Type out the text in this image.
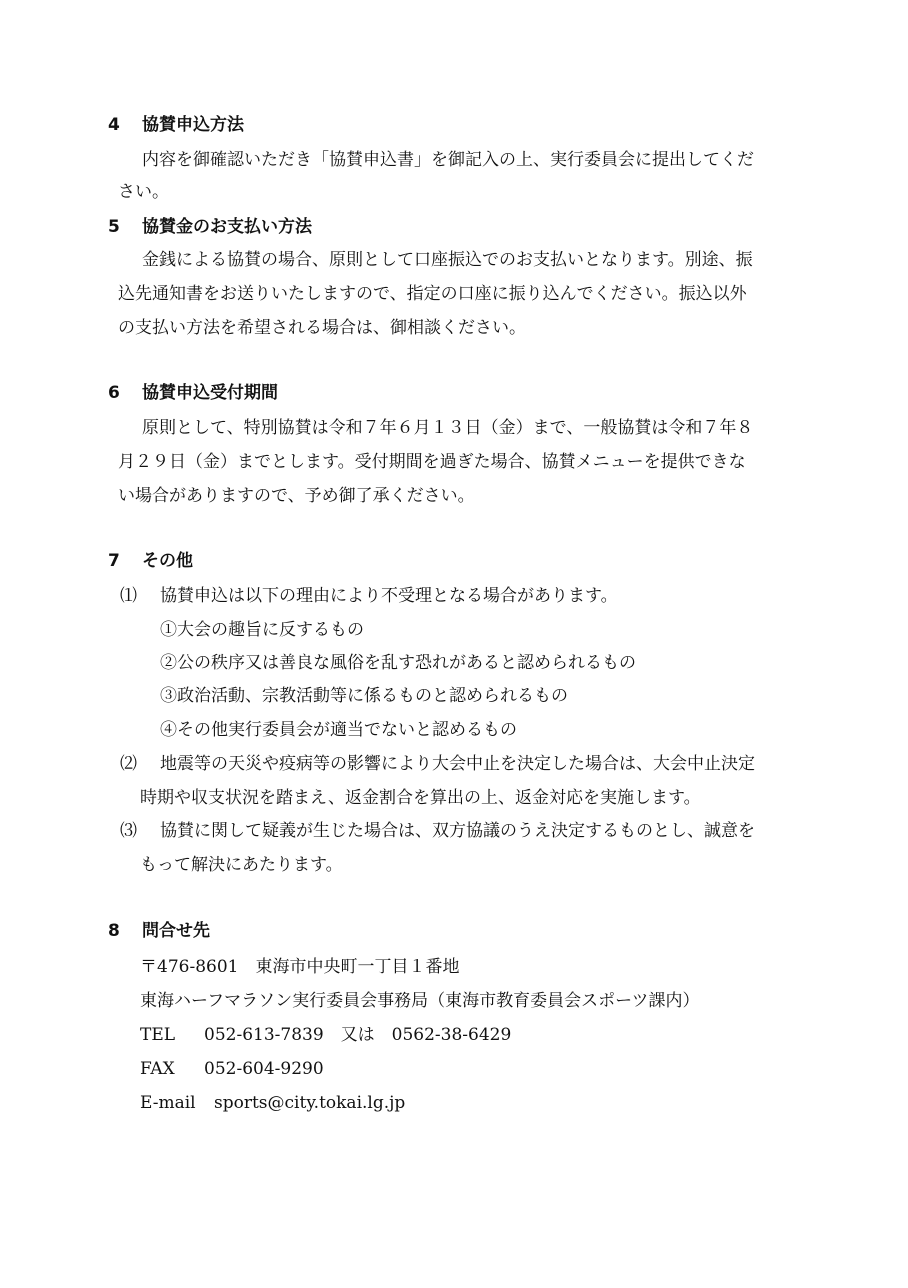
4 協賛申込方法
内容を御確認いただき「協賛申込書」を御記入の上、実行委員会に提出してくだ
さい。
5 協賛金のお支払い方法
金銭による協賛の場合、原則として口座振込でのお支払いとなります。別途、振
込先通知書をお送りいたしますので、指定の口座に振り込んでください。振込以外
の支払い方法を希望される場合は、御相談ください。
6 協賛申込受付期間
原則として、特別協賛は令和７年６月１３日（金）まで、一般協賛は令和７年８
月２９日（金）までとします。受付期間を過ぎた場合、協賛メニューを提供できな
い場合がありますので、予め御了承ください。
7 その他
⑴ 協賛申込は以下の理由により不受理となる場合があります。
①大会の趣旨に反するもの
②公の秩序又は善良な風俗を乱す恐れがあると認められるもの
③政治活動、宗教活動等に係るものと認められるもの
④その他実行委員会が適当でないと認めるもの
⑵ 地震等の天災や疫病等の影響により大会中止を決定した場合は、大会中止決定
時期や収支状況を踏まえ、返金割合を算出の上、返金対応を実施します。
⑶ 協賛に関して疑義が生じた場合は、双方協議のうえ決定するものとし、誠意を
もって解決にあたります。
8 問合せ先
〒476-8601　東海市中央町一丁目１番地
東海ハーフマラソン実行委員会事務局（東海市教育委員会スポーツ課内）
TEL 052-613-7839　又は　0562-38-6429
FAX 052-604-9290
E-mail sports@city.tokai.lg.jp
